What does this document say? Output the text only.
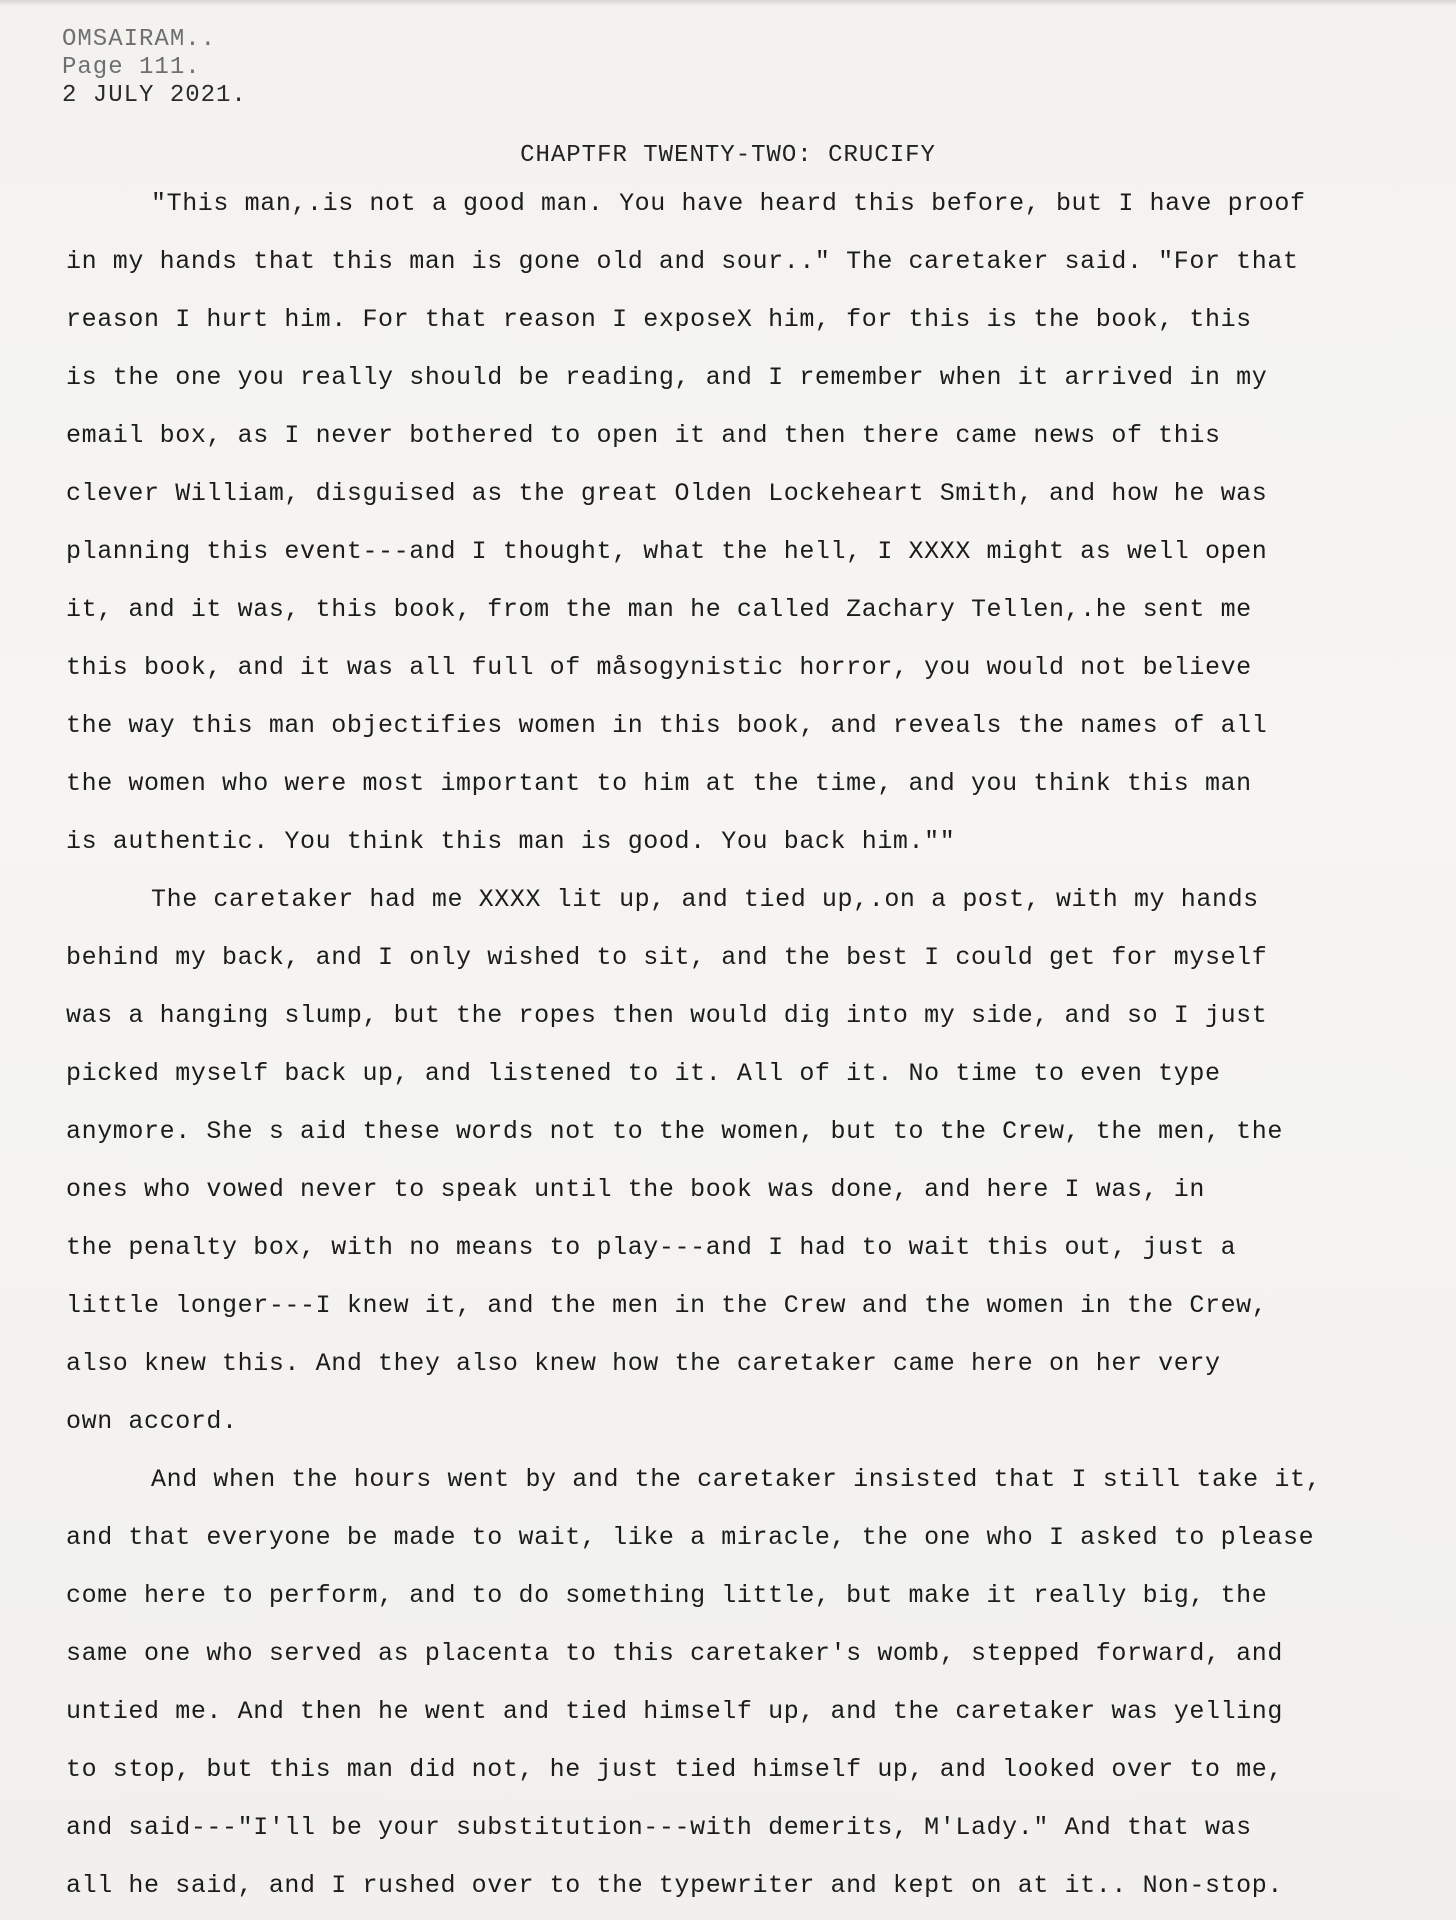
OMSAIRAM..
Page 111.
2 JULY 2021.
CHAPTFR TWENTY-TWO: CRUCIFY
"This man,.is not a good man. You have heard this before, but I have proof
in my hands that this man is gone old and sour.." The caretaker said. "For that
reason I hurt him. For that reason I exposeX him, for this is the book, this
is the one you really should be reading, and I remember when it arrived in my
email box, as I never bothered to open it and then there came news of this
clever William, disguised as the great Olden Lockeheart Smith, and how he was
planning this event---and I thought, what the hell, I XXXX might as well open
it, and it was, this book, from the man he called Zachary Tellen,.he sent me
this book, and it was all full of måsogynistic horror, you would not believe
the way this man objectifies women in this book, and reveals the names of all
the women who were most important to him at the time, and you think this man
is authentic. You think this man is good. You back him.""
The caretaker had me XXXX lit up, and tied up,.on a post, with my hands
behind my back, and I only wished to sit, and the best I could get for myself
was a hanging slump, but the ropes then would dig into my side, and so I just
picked myself back up, and listened to it. All of it. No time to even type
anymore. She s aid these words not to the women, but to the Crew, the men, the
ones who vowed never to speak until the book was done, and here I was, in
the penalty box, with no means to play---and I had to wait this out, just a
little longer---I knew it, and the men in the Crew and the women in the Crew,
also knew this. And they also knew how the caretaker came here on her very
own accord.
And when the hours went by and the caretaker insisted that I still take it,
and that everyone be made to wait, like a miracle, the one who I asked to please
come here to perform, and to do something little, but make it really big, the
same one who served as placenta to this caretaker's womb, stepped forward, and
untied me. And then he went and tied himself up, and the caretaker was yelling
to stop, but this man did not, he just tied himself up, and looked over to me,
and said---"I'll be your substitution---with demerits, M'Lady." And that was
all he said, and I rushed over to the typewriter and kept on at it.. Non-stop.
